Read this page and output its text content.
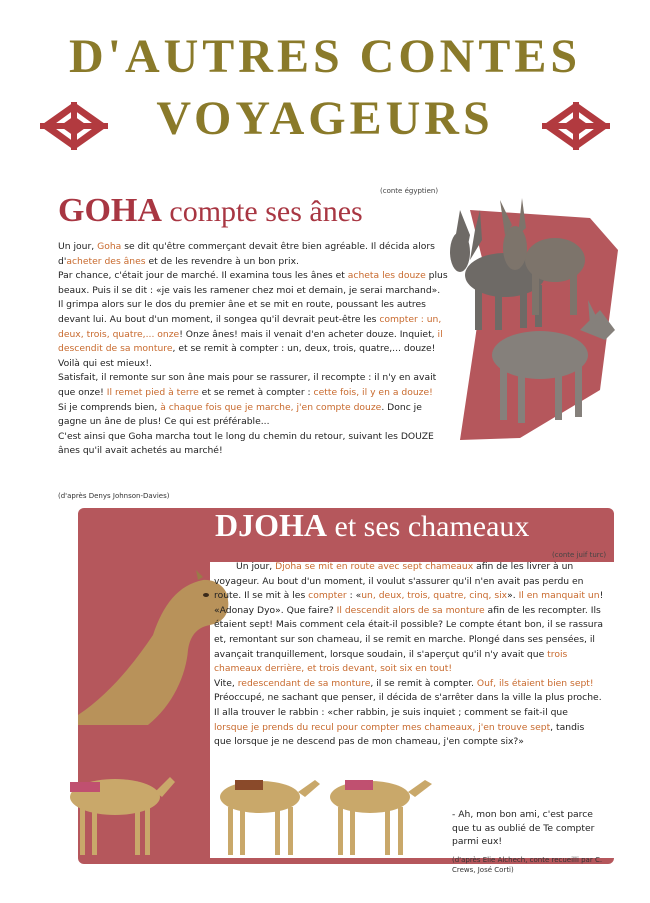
D'AUTRES CONTES
VOYAGEURS
GOHA compte ses ânes
(conte égyptien)

Un jour, Goha se dit qu'être commerçant devait être bien agréable. Il décida alors d'acheter des ânes et de les revendre à un bon prix.

Par chance, c'était jour de marché. Il examina tous les ânes et acheta les douze plus beaux. Puis il se dit : «je vais les ramener chez moi et demain, je serai marchand».

Il grimpa alors sur le dos du premier âne et se mit en route, poussant les autres devant lui. Au bout d'un moment, il songea qu'il devrait peut-être les compter : un, deux, trois, quatre,... onze! Onze ânes! mais il venait d'en acheter douze. Inquiet, il descendit de sa monture, et se remit à compter : un, deux, trois, quatre,... douze! Voilà qui est mieux!.

Satisfait, il remonte sur son âne mais pour se rassurer, il recompte : il n'y en avait que onze! Il remet pied à terre et se remet à compter : cette fois, il y en a douze!

Si je comprends bien, à chaque fois que je marche, j'en compte douze. Donc je gagne un âne de plus! Ce qui est préférable...

C'est ainsi que Goha marcha tout le long du chemin du retour, suivant les DOUZE ânes qu'il avait achetés au marché!

(d'après Denys Johnson-Davies)
DJOHA et ses chameaux
(conte juif turc)

Un jour, Djoha se mit en route avec sept chameaux afin de les livrer à un voyageur. Au bout d'un moment, il voulut s'assurer qu'il n'en avait pas perdu en route. Il se mit à les compter : «un, deux, trois, quatre, cinq, six». Il en manquait un! «Adonay Dyo». Que faire? Il descendit alors de sa monture afin de les recompter. Ils étaient sept! Mais comment cela était-il possible? Le compte étant bon, il se rassura et, remontant sur son chameau, il se remit en marche. Plongé dans ses pensées, il avançait tranquillement, lorsque soudain, il s'aperçut qu'il n'y avait que trois chameaux derrière, et trois devant, soit six en tout!

Vite, redescendant de sa monture, il se remit à compter. Ouf, ils étaient bien sept!

Préoccupé, ne sachant que penser, il décida de s'arrêter dans la ville la plus proche. Il alla trouver le rabbin : «cher rabbin, je suis inquiet ; comment se fait-il que lorsque je prends du recul pour compter mes chameaux, j'en trouve sept, tandis que lorsque je ne descend pas de mon chameau, j'en compte six?»

- Ah, mon bon ami, c'est parce que tu as oublié de Te compter parmi eux!

(d'après Elie Alchech, conte recueilli par C. Crews, José Corti)
